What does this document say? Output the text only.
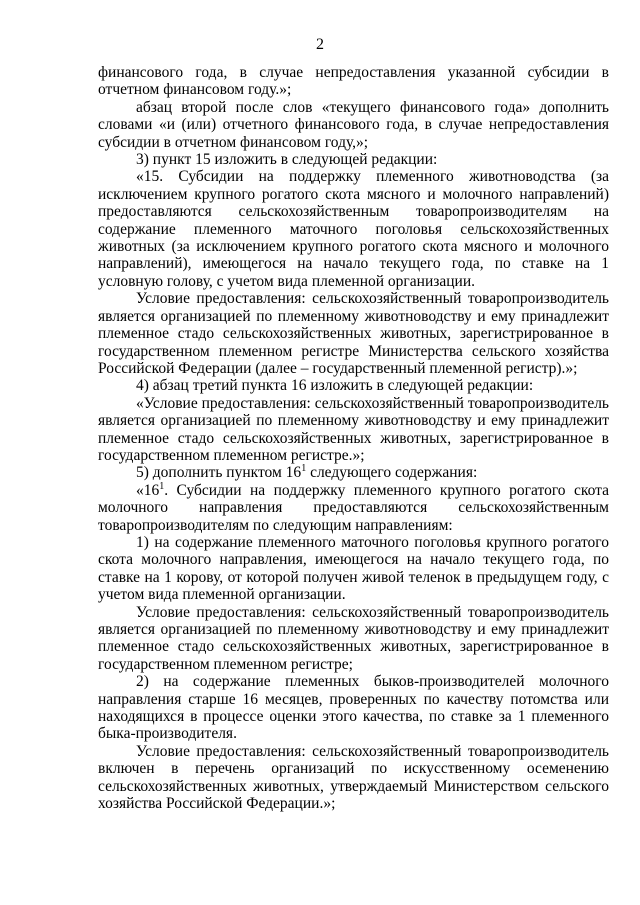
2

финансового года, в случае непредоставления указанной субсидии в отчетном финансовом году.»;

абзац второй после слов «текущего финансового года» дополнить словами «и (или) отчетного финансового года, в случае непредоставления субсидии в отчетном финансовом году,»;

3) пункт 15 изложить в следующей редакции:

«15. Субсидии на поддержку племенного животноводства (за исключением крупного рогатого скота мясного и молочного направлений) предоставляются сельскохозяйственным товаропроизводителям на содержание племенного маточного поголовья сельскохозяйственных животных (за исключением крупного рогатого скота мясного и молочного направлений), имеющегося на начало текущего года, по ставке на 1 условную голову, с учетом вида племенной организации.

Условие предоставления: сельскохозяйственный товаропроизводитель является организацией по племенному животноводству и ему принадлежит племенное стадо сельскохозяйственных животных, зарегистрированное в государственном племенном регистре Министерства сельского хозяйства Российской Федерации (далее – государственный племенной регистр).»;

4) абзац третий пункта 16 изложить в следующей редакции:

«Условие предоставления: сельскохозяйственный товаропроизводитель является организацией по племенному животноводству и ему принадлежит племенное стадо сельскохозяйственных животных, зарегистрированное в государственном племенном регистре.»;

5) дополнить пунктом $16^1$ следующего содержания:

«$16^1$. Субсидии на поддержку племенного крупного рогатого скота молочного направления предоставляются сельскохозяйственным товаропроизводителям по следующим направлениям:

1) на содержание племенного маточного поголовья крупного рогатого скота молочного направления, имеющегося на начало текущего года, по ставке на 1 корову, от которой получен живой теленок в предыдущем году, с учетом вида племенной организации.

Условие предоставления: сельскохозяйственный товаропроизводитель является организацией по племенному животноводству и ему принадлежит племенное стадо сельскохозяйственных животных, зарегистрированное в государственном племенном регистре;

2) на содержание племенных быков-производителей молочного направления старше 16 месяцев, проверенных по качеству потомства или находящихся в процессе оценки этого качества, по ставке за 1 племенного быка-производителя.

Условие предоставления: сельскохозяйственный товаропроизводитель включен в перечень организаций по искусственному осеменению сельскохозяйственных животных, утверждаемый Министерством сельского хозяйства Российской Федерации.»;
